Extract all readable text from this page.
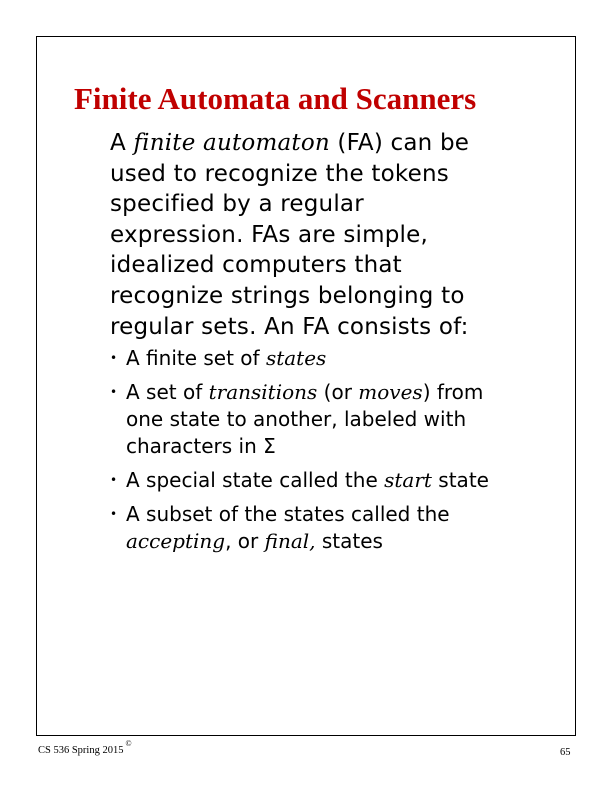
Finite Automata and Scanners

A finite automaton (FA) can be
used to recognize the tokens
specified by a regular
expression. FAs are simple,
idealized computers that
recognize strings belonging to
regular sets. An FA consists of:

• A finite set of states
• A set of transitions (or moves) from
one state to another, labeled with
characters in Σ
• A special state called the start state
• A subset of the states called the
accepting, or final, states
CS 536 Spring 2015©
65
